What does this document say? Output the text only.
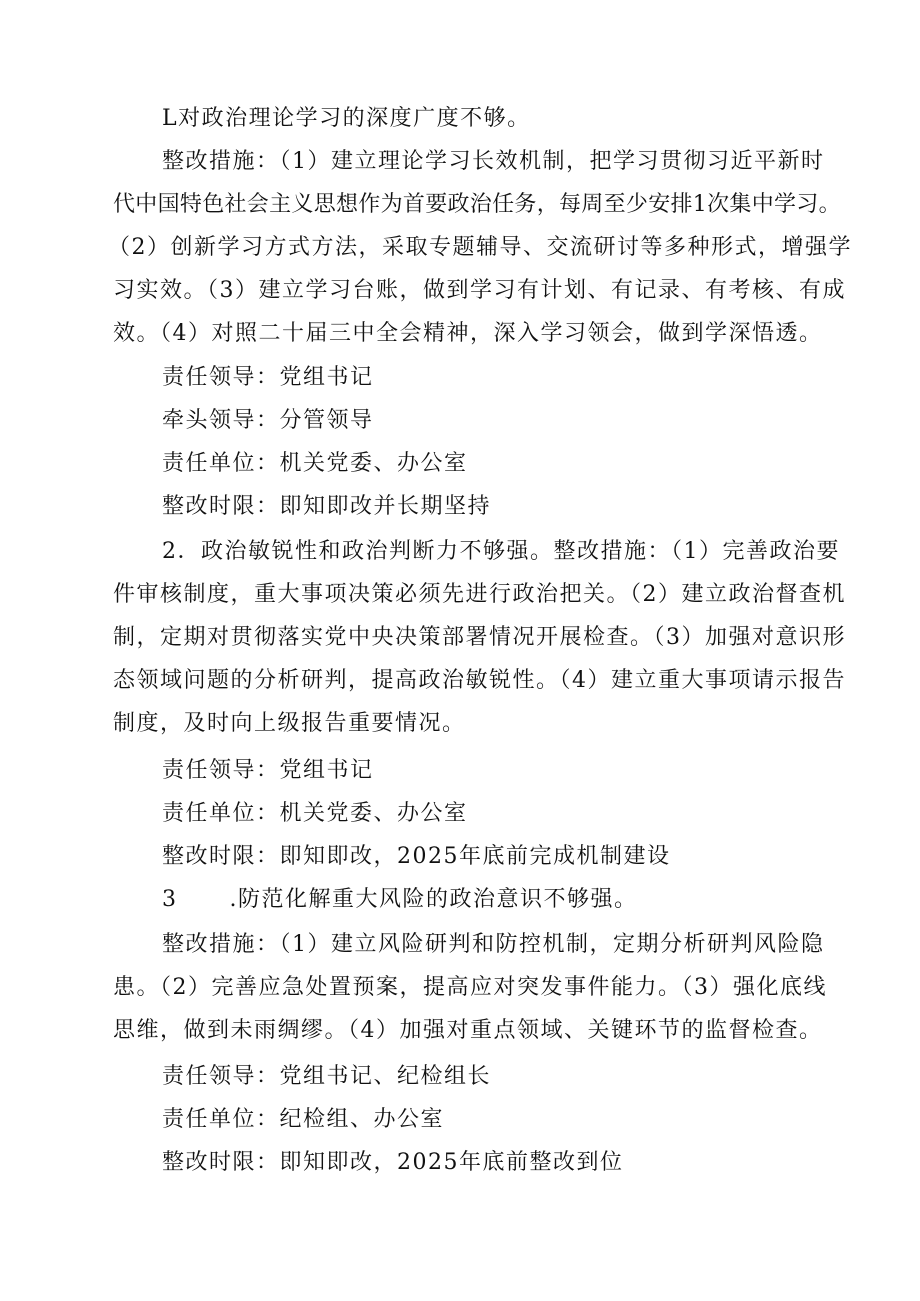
L对政治理论学习的深度广度不够。
整改措施：（1）建立理论学习长效机制，把学习贯彻习近平新时
代中国特色社会主义思想作为首要政治任务，每周至少安排1次集中学习。
（2）创新学习方式方法，采取专题辅导、交流研讨等多种形式，增强学
习实效。（3）建立学习台账，做到学习有计划、有记录、有考核、有成
效。（4）对照二十届三中全会精神，深入学习领会，做到学深悟透。
责任领导：党组书记
牵头领导：分管领导
责任单位：机关党委、办公室
整改时限：即知即改并长期坚持
2．政治敏锐性和政治判断力不够强。整改措施：（1）完善政治要
件审核制度，重大事项决策必须先进行政治把关。（2）建立政治督查机
制，定期对贯彻落实党中央决策部署情况开展检查。（3）加强对意识形
态领域问题的分析研判，提高政治敏锐性。（4）建立重大事项请示报告
制度，及时向上级报告重要情况。
责任领导：党组书记
责任单位：机关党委、办公室
整改时限：即知即改，2025年底前完成机制建设
3 .防范化解重大风险的政治意识不够强。
整改措施：（1）建立风险研判和防控机制，定期分析研判风险隐
患。（2）完善应急处置预案，提高应对突发事件能力。（3）强化底线
思维，做到未雨绸缪。（4）加强对重点领域、关键环节的监督检查。
责任领导：党组书记、纪检组长
责任单位：纪检组、办公室
整改时限：即知即改，2025年底前整改到位
